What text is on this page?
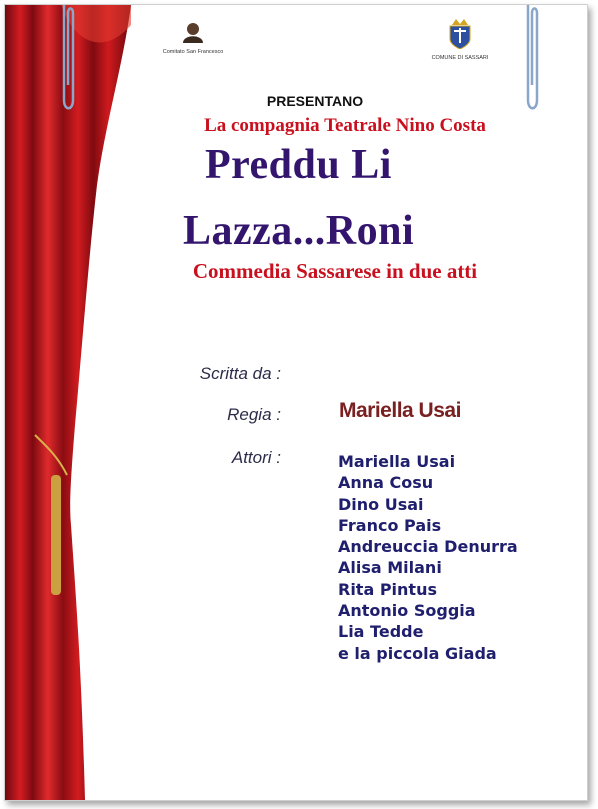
Comitato San Francesco
COMUNE DI SASSARI
PRESENTANO
La compagnia Teatrale Nino Costa
Preddu Li
Lazza...Roni
Commedia Sassarese in due atti
Scritta da :
Regia :	Mariella Usai
Attori :	Mariella Usai
Anna Cosu
Dino Usai
Franco Pais
Andreuccia Denurra
Alisa Milani
Rita Pintus
Antonio Soggia
Lia Tedde
e la piccola Giada
